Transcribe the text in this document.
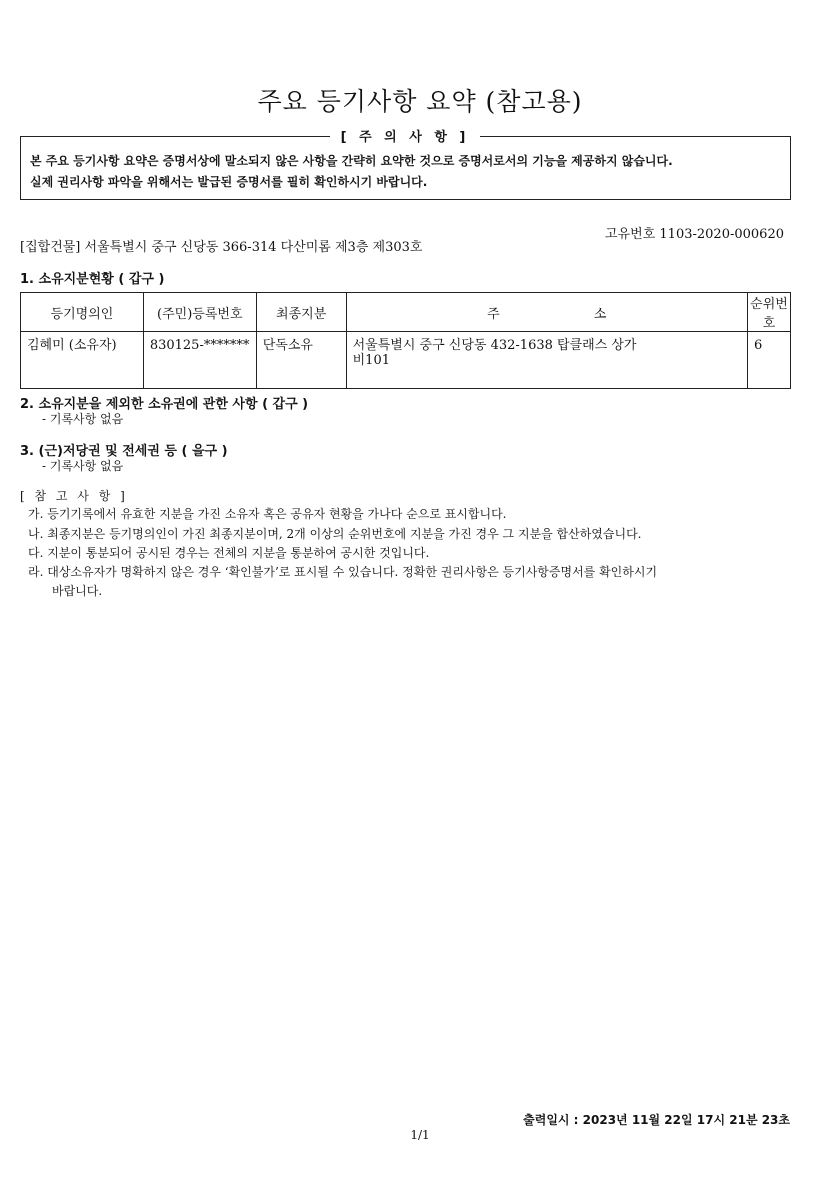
주요 등기사항 요약 (참고용)
[ 주 의 사 항 ]
본 주요 등기사항 요약은 증명서상에 말소되지 않은 사항을 간략히 요약한 것으로 증명서로서의 기능을 제공하지 않습니다.
실제 권리사항 파악을 위해서는 발급된 증명서를 필히 확인하시기 바랍니다.
고유번호 1103-2020-000620
[집합건물] 서울특별시 중구 신당동 366-314 다산미롬 제3층 제303호
1. 소유지분현황 ( 갑구 )
등기명의인	(주민)등록번호	최종지분	주 소	순위번호
김혜미 (소유자)	830125-*******	단독소유	서울특별시 중구 신당동 432-1638 탑클래스 상가
비101	6
2. 소유지분을 제외한 소유권에 관한 사항 ( 갑구 )
- 기록사항 없음
3. (근)저당권 및 전세권 등 ( 을구 )
- 기록사항 없음
[ 참 고 사 항 ]
가. 등기기록에서 유효한 지분을 가진 소유자 혹은 공유자 현황을 가나다 순으로 표시합니다.
나. 최종지분은 등기명의인이 가진 최종지분이며, 2개 이상의 순위번호에 지분을 가진 경우 그 지분을 합산하였습니다.
다. 지분이 통분되어 공시된 경우는 전체의 지분을 통분하여 공시한 것입니다.
라. 대상소유자가 명확하지 않은 경우 ‘확인불가’로 표시될 수 있습니다. 정확한 권리사항은 등기사항증명서를 확인하시기
바랍니다.
출력일시 : 2023년 11월 22일 17시 21분 23초
1/1
